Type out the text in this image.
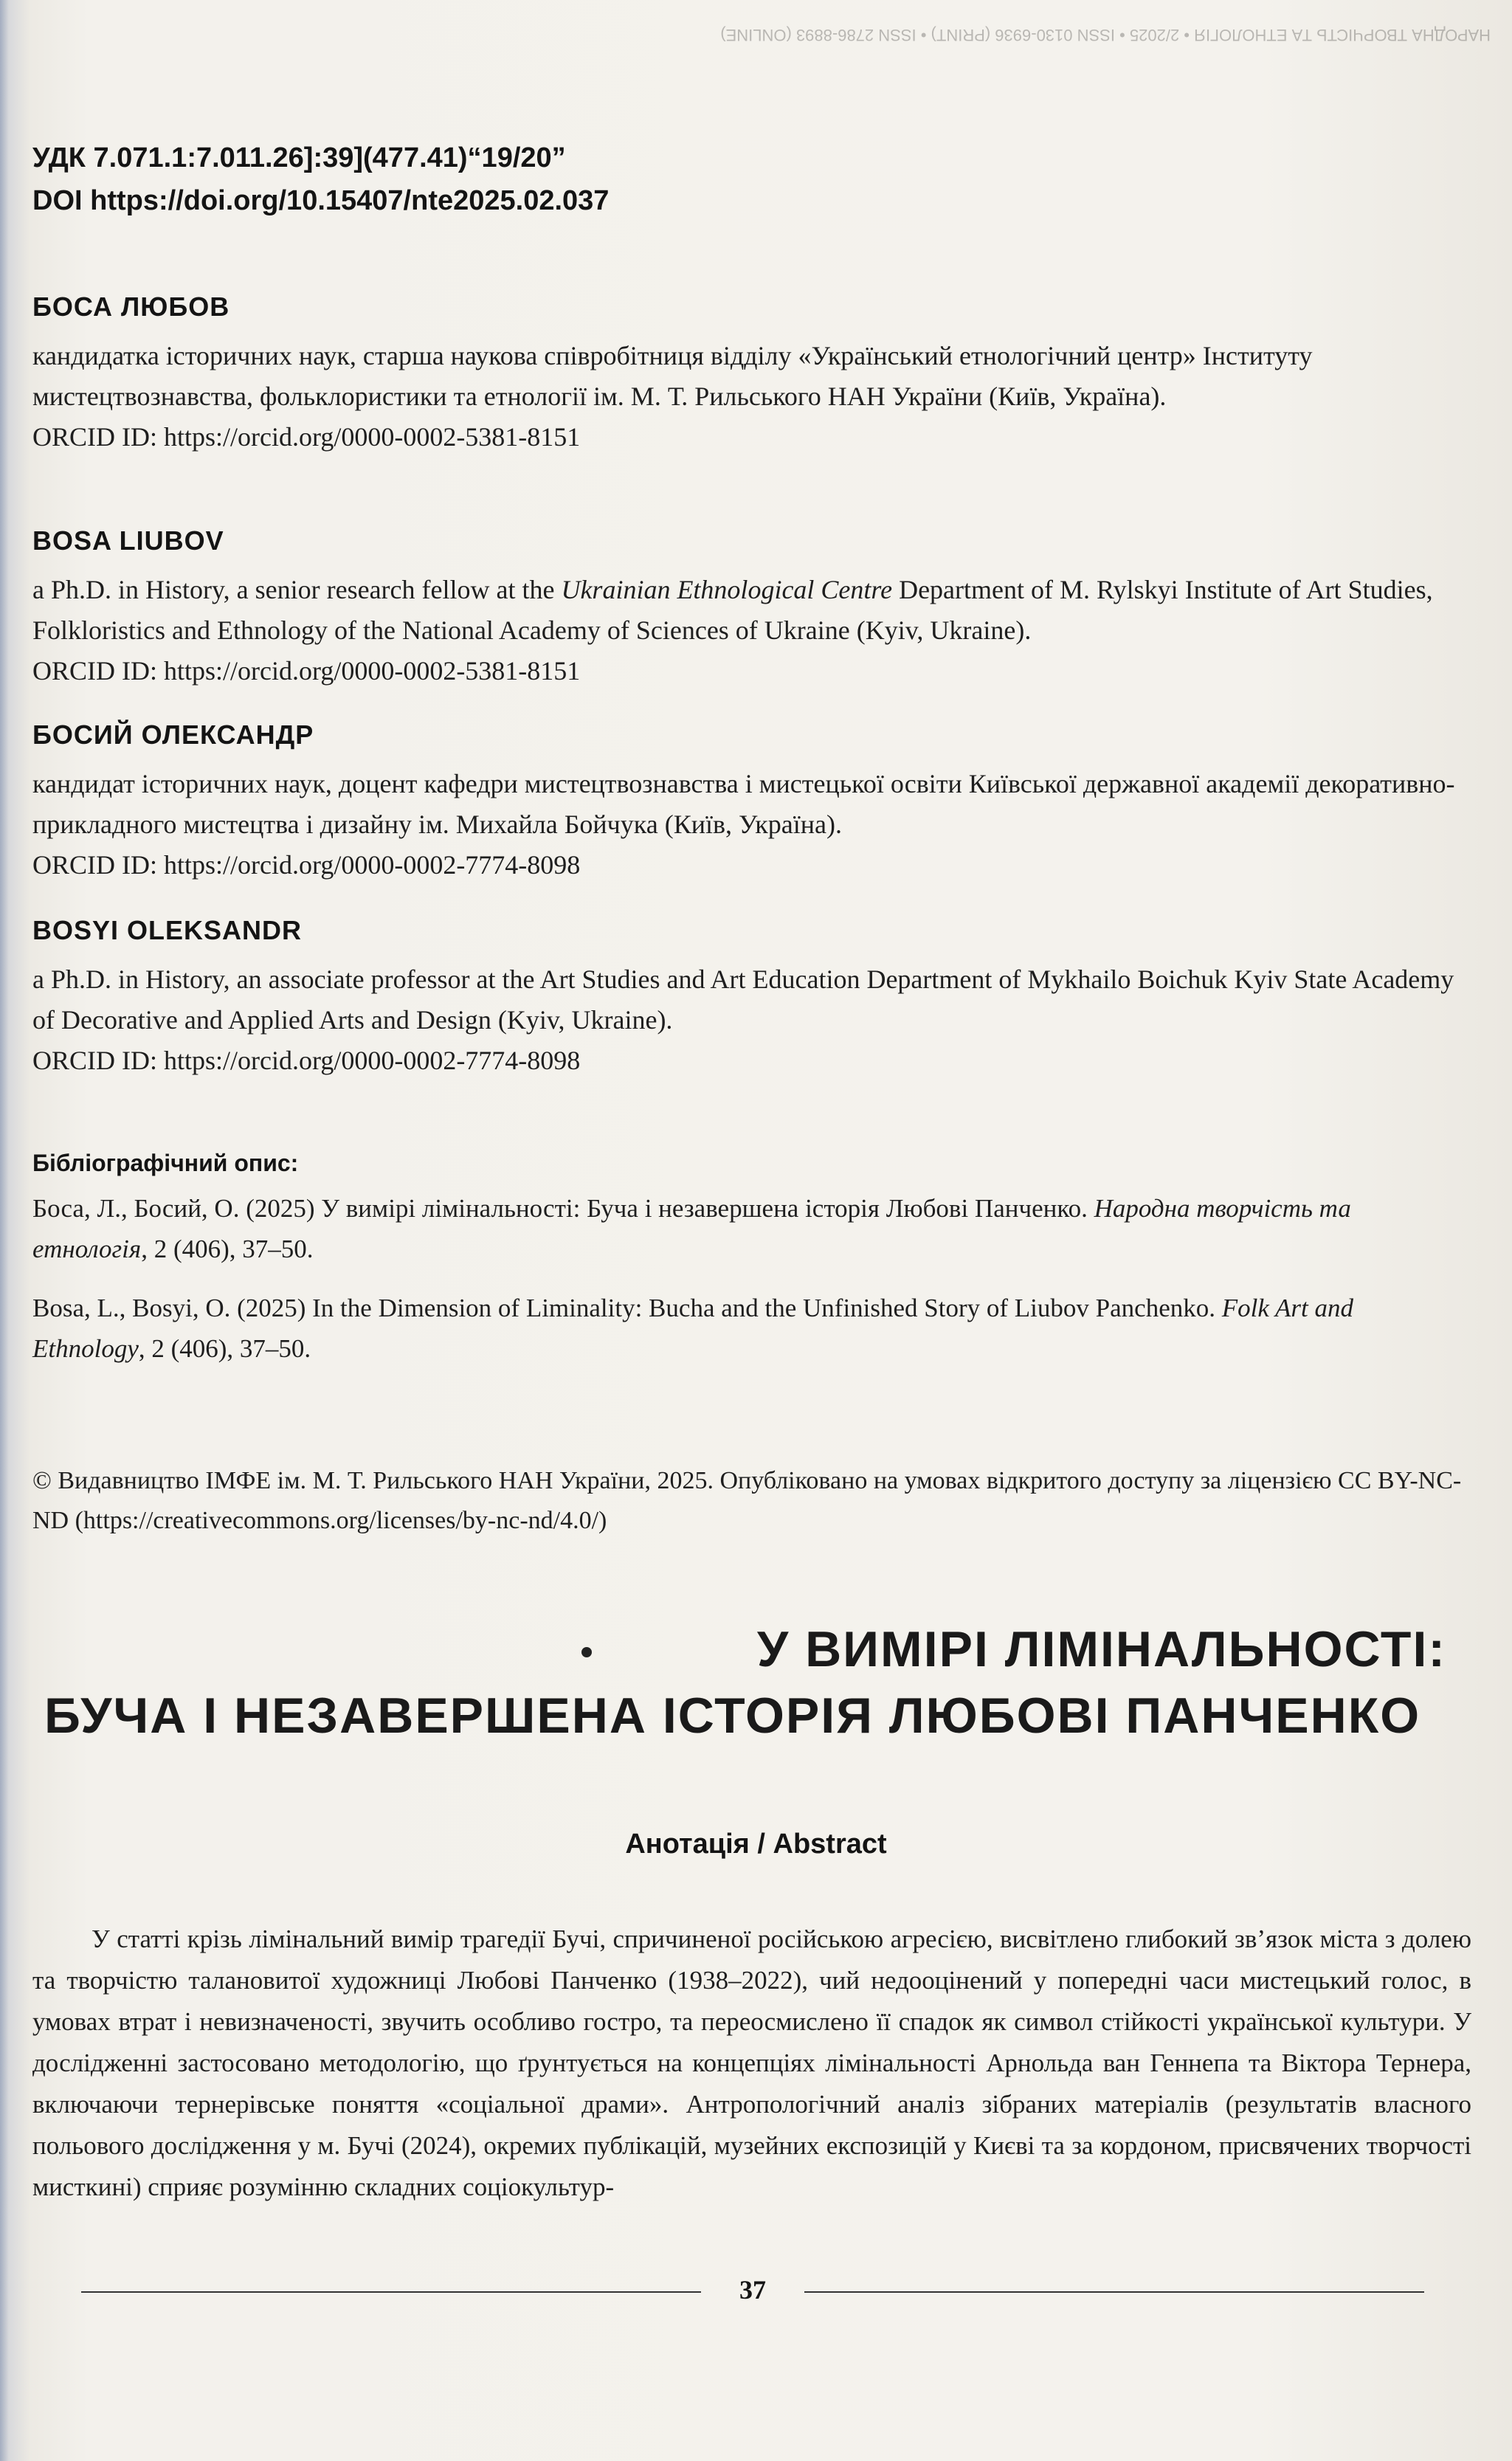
НАРОДНА ТВОРЧІСТЬ ТА ЕТНОЛОГІЯ • 2/2025 • ISSN 0130-6936 (PRINT) • ISSN 2786-8893 (ONLINE)
УДК 7.071.1:7.011.26]:39](477.41)“19/20”
DOI https://doi.org/10.15407/nte2025.02.037
БОСА ЛЮБОВ
кандидатка історичних наук, старша наукова співробітниця відділу «Український етнологічний центр» Інституту мистецтвознавства, фольклористики та етнології ім. М. Т. Рильського НАН України (Київ, Україна).
ORCID ID: https://orcid.org/0000-0002-5381-8151
BOSA LIUBOV
a Ph.D. in History, a senior research fellow at the Ukrainian Ethnological Centre Department of M. Rylskyi Institute of Art Studies, Folkloristics and Ethnology of the National Academy of Sciences of Ukraine (Kyiv, Ukraine).
ORCID ID: https://orcid.org/0000-0002-5381-8151
БОСИЙ ОЛЕКСАНДР
кандидат історичних наук, доцент кафедри мистецтвознавства і мистецької освіти Київської державної академії декоративно-прикладного мистецтва і дизайну ім. Михайла Бойчука (Київ, Україна).
ORCID ID: https://orcid.org/0000-0002-7774-8098
BOSYI OLEKSANDR
a Ph.D. in History, an associate professor at the Art Studies and Art Education Department of Mykhailo Boichuk Kyiv State Academy of Decorative and Applied Arts and Design (Kyiv, Ukraine).
ORCID ID: https://orcid.org/0000-0002-7774-8098
Бібліографічний опис:
Боса, Л., Босий, О. (2025) У вимірі лімінальності: Буча і незавершена історія Любові Панченко. Народна творчість та етнологія, 2 (406), 37–50.
Bosa, L., Bosyi, O. (2025) In the Dimension of Liminality: Bucha and the Unfinished Story of Liubov Panchenko. Folk Art and Ethnology, 2 (406), 37–50.
© Видавництво ІМФЕ ім. М. Т. Рильського НАН України, 2025. Опубліковано на умовах відкритого доступу за ліцензією CC BY-NC-ND (https://creativecommons.org/licenses/by-nc-nd/4.0/)
У ВИМІРІ ЛІМІНАЛЬНОСТІ:
БУЧА І НЕЗАВЕРШЕНА ІСТОРІЯ ЛЮБОВІ ПАНЧЕНКО
Анотація / Abstract
У статті крізь лімінальний вимір трагедії Бучі, спричиненої російською агресією, висвітлено глибокий зв’язок міста з долею та творчістю талановитої художниці Любові Панченко (1938–2022), чий недооцінений у попередні часи мистецький голос, в умовах втрат і невизначеності, звучить особливо гостро, та переосмислено її спадок як символ стійкості української культури. У дослідженні застосовано методологію, що ґрунтується на концепціях лімінальності Арнольда ван Геннепа та Віктора Тернера, включаючи тернерівське поняття «соціальної драми». Антропологічний аналіз зібраних матеріалів (результатів власного польового дослідження у м. Бучі (2024), окремих публікацій, музейних експозицій у Києві та за кордоном, присвячених творчості мисткині) сприяє розумінню складних соціокультур-
37
